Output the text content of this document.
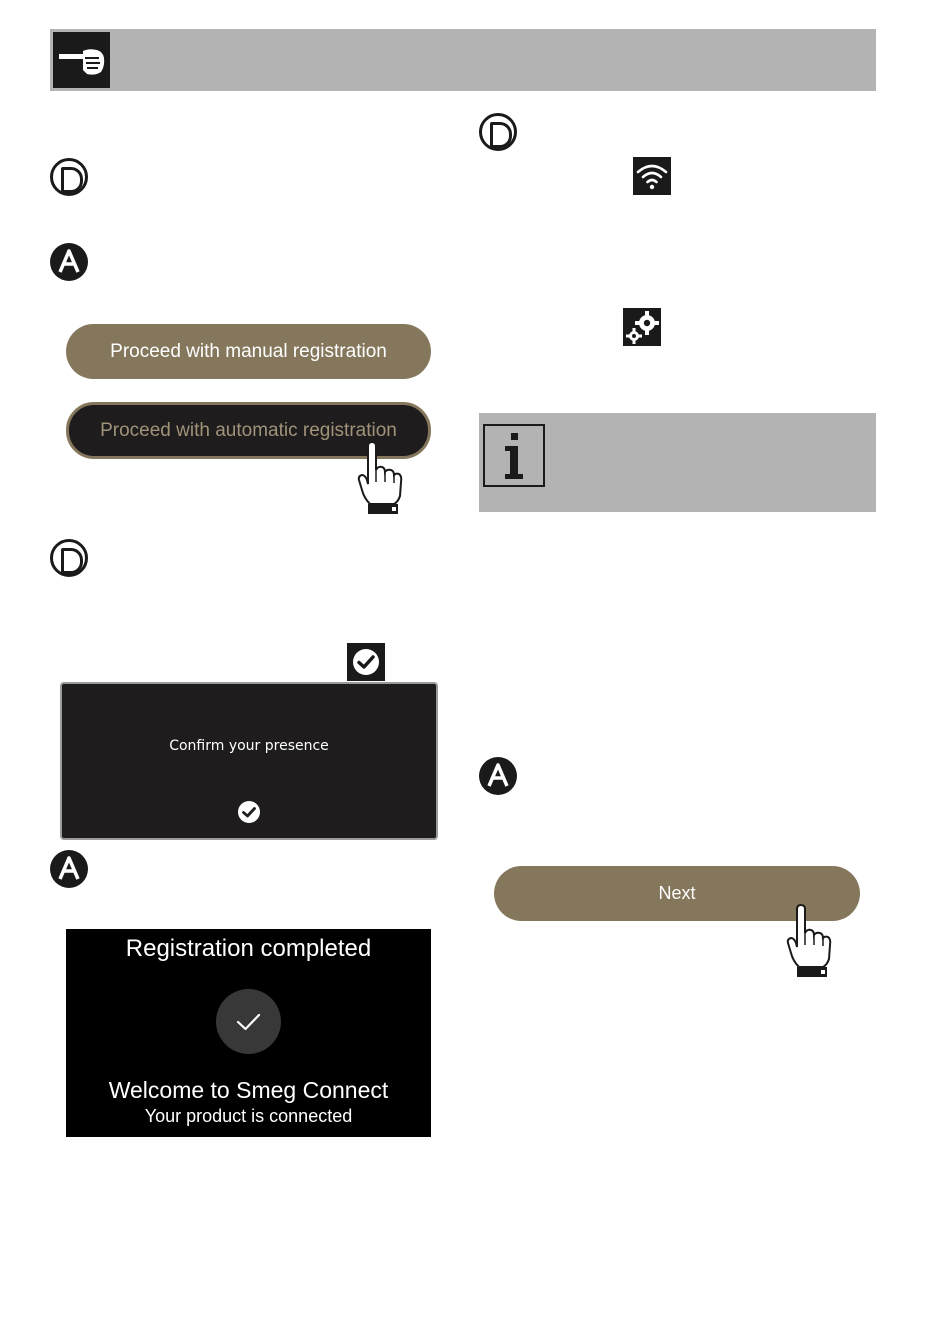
Proceed with manual registration
Proceed with automatic registration
Confirm your presence
Registration completed
Welcome to Smeg Connect
Your product is connected
Next
